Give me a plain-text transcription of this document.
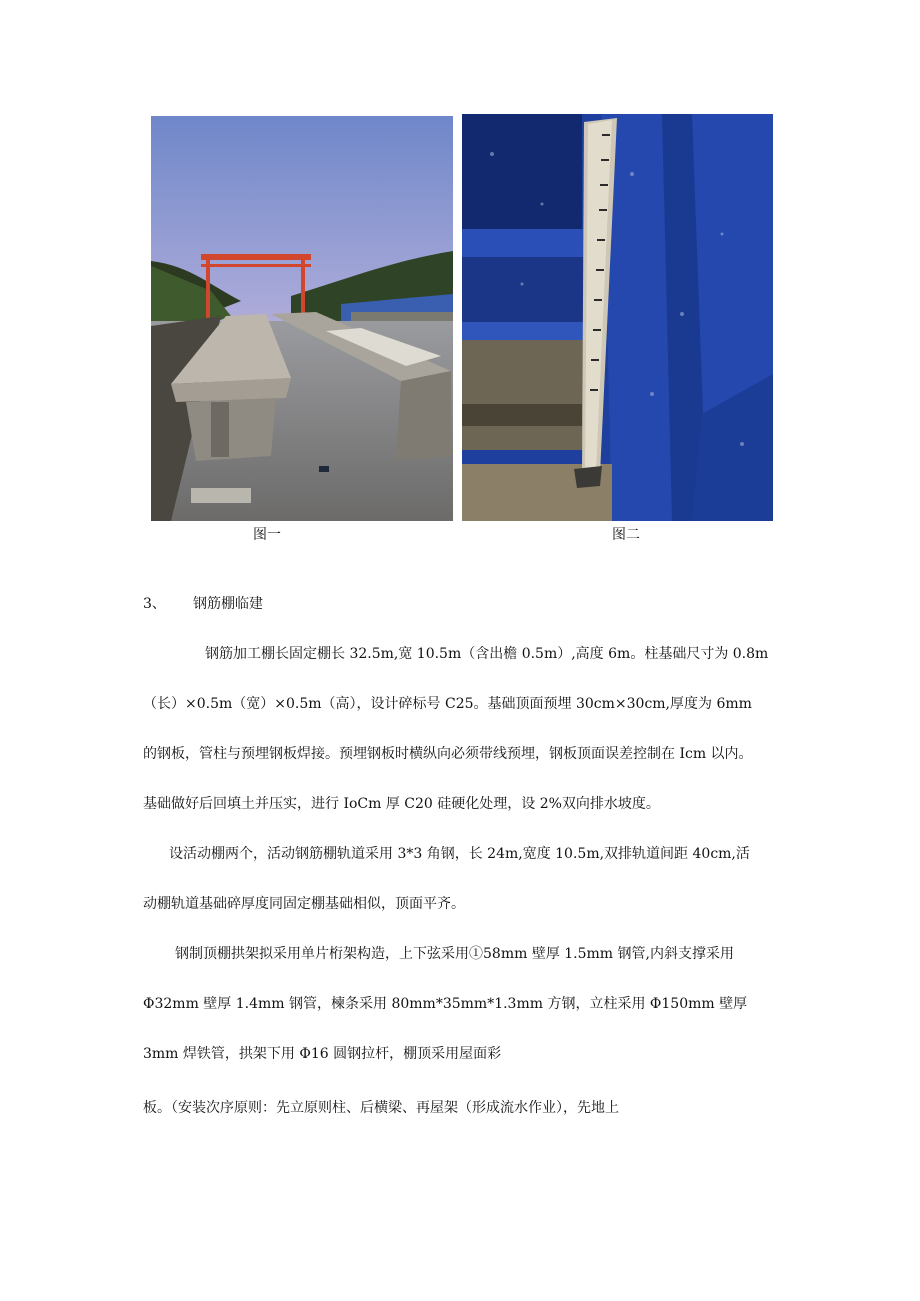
图一	图二
3、 钢筋棚临建
钢筋加工棚长固定棚长 32.5m,宽 10.5m（含出檐 0.5m）,高度 6m。柱基础尺寸为 0.8m
（长）×0.5m（宽）×0.5m（高），设计碎标号 C25。基础顶面预埋 30cm×30cm,厚度为 6mm
的钢板，管柱与预埋钢板焊接。预埋钢板时横纵向必须带线预埋，钢板顶面误差控制在 Icm 以内。
基础做好后回填土并压实，进行 IoCm 厚 C20 硅硬化处理，设 2%双向排水坡度。
设活动棚两个，活动钢筋棚轨道采用 3*3 角钢，长 24m,宽度 10.5m,双排轨道间距 40cm,活
动棚轨道基础碎厚度同固定棚基础相似，顶面平齐。
钢制顶棚拱架拟采用单片桁架构造，上下弦采用①58mm 壁厚 1.5mm 钢管,内斜支撑采用
Φ32mm 壁厚 1.4mm 钢管，楝条采用 80mm*35mm*1.3mm 方钢，立柱采用 Φ150mm 壁厚
3mm 焊铁管，拱架下用 Φ16 圆钢拉杆，棚顶采用屋面彩
板。（安装次序原则：先立原则柱、后横梁、再屋架（形成流水作业），先地上
